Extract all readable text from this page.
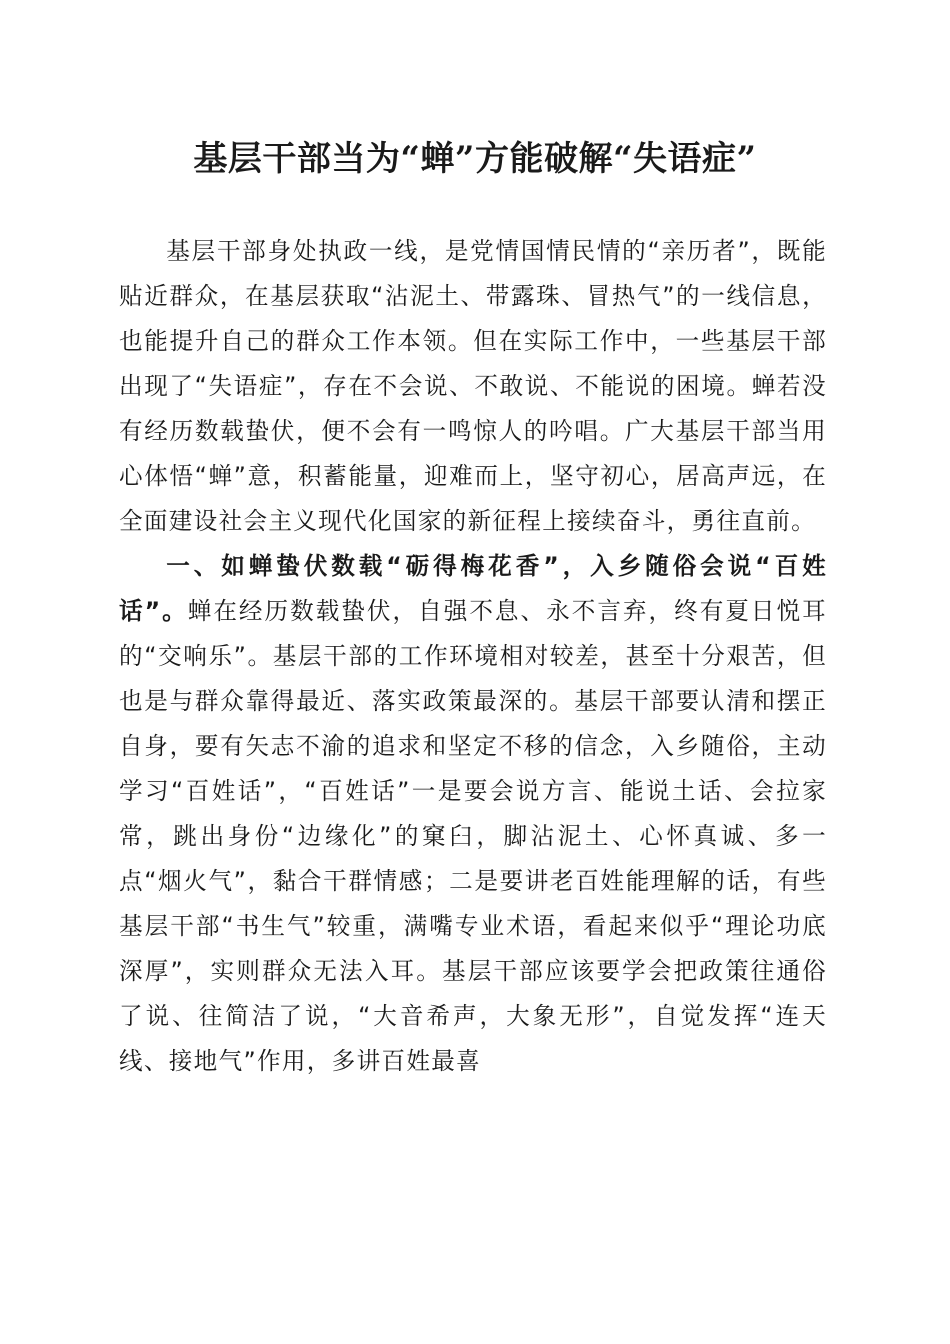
基层干部当为“蝉”方能破解“失语症”

基层干部身处执政一线，是党情国情民情的“亲历者”，既能贴近群众，在基层获取“沾泥土、带露珠、冒热气”的一线信息，也能提升自己的群众工作本领。但在实际工作中，一些基层干部出现了“失语症”，存在不会说、不敢说、不能说的困境。蝉若没有经历数载蛰伏，便不会有一鸣惊人的吟唱。广大基层干部当用心体悟“蝉”意，积蓄能量，迎难而上，坚守初心，居高声远，在全面建设社会主义现代化国家的新征程上接续奋斗，勇往直前。

一、如蝉蛰伏数载“砺得梅花香”，入乡随俗会说“百姓话”。蝉在经历数载蛰伏，自强不息、永不言弃，终有夏日悦耳的“交响乐”。基层干部的工作环境相对较差，甚至十分艰苦，但也是与群众靠得最近、落实政策最深的。基层干部要认清和摆正自身，要有矢志不渝的追求和坚定不移的信念，入乡随俗，主动学习“百姓话”，“百姓话”一是要会说方言、能说土话、会拉家常，跳出身份“边缘化”的窠臼，脚沾泥土、心怀真诚、多一点“烟火气”，黏合干群情感；二是要讲老百姓能理解的话，有些基层干部“书生气”较重，满嘴专业术语，看起来似乎“理论功底深厚”，实则群众无法入耳。基层干部应该要学会把政策往通俗了说、往简洁了说，“大音希声，大象无形”，自觉发挥“连天线、接地气”作用，多讲百姓最喜
